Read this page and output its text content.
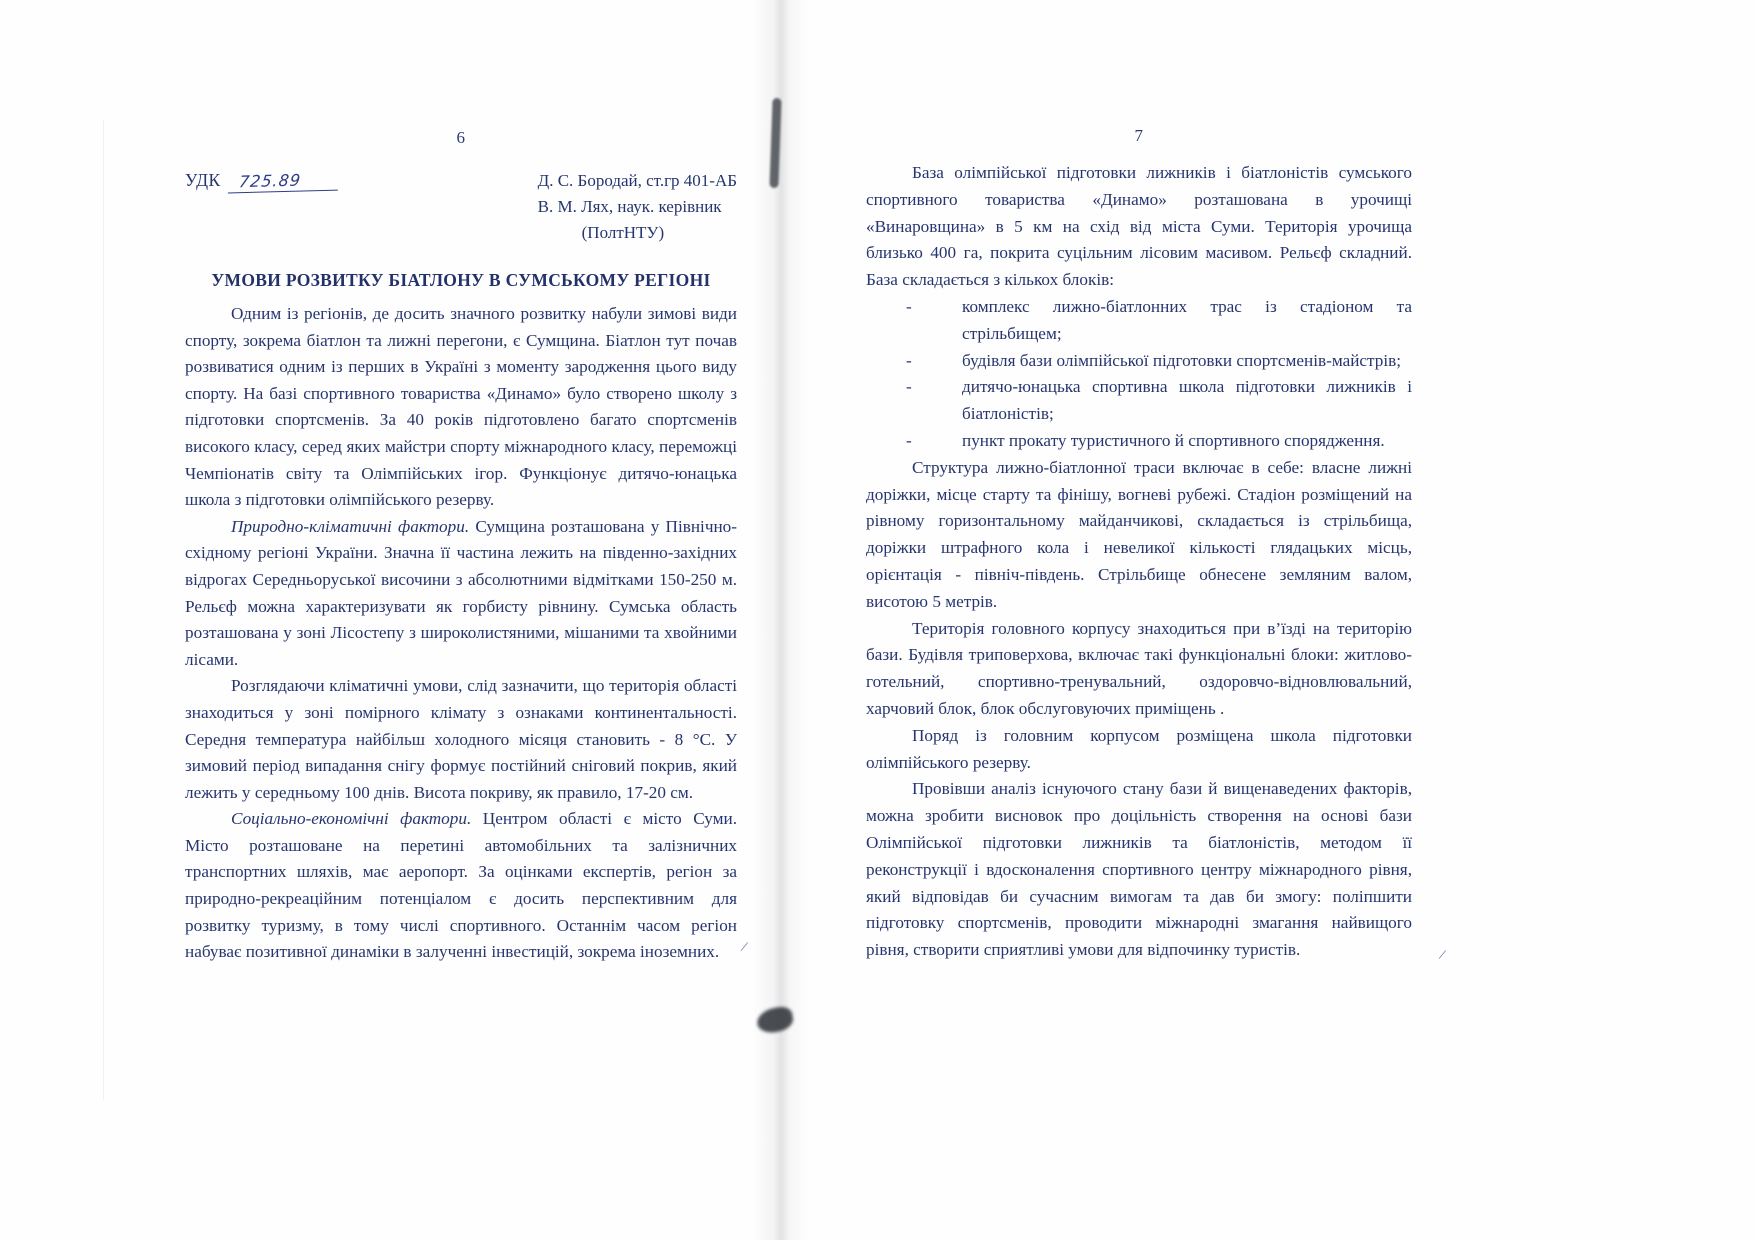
6
УДК 725.89	Д. С. Бородай, ст.гр 401-АБ
В. М. Лях, наук. керівник
(ПолтНТУ)
УМОВИ РОЗВИТКУ БІАТЛОНУ В СУМСЬКОМУ РЕГІОНІ

Одним із регіонів, де досить значного розвитку набули зимові види спорту, зокрема біатлон та лижні перегони, є Сумщина. Біатлон тут почав розвиватися одним із перших в Україні з моменту зародження цього виду спорту. На базі спортивного товариства «Динамо» було створено школу з підготовки спортсменів. За 40 років підготовлено багато спортсменів високого класу, серед яких майстри спорту міжнародного класу, переможці Чемпіонатів світу та Олімпійських ігор. Функціонує дитячо-юнацька школа з підготовки олімпійського резерву.

Природно-кліматичні фактори. Сумщина розташована у Північно-східному регіоні України. Значна її частина лежить на південно-західних відрогах Середньоруської височини з абсолютними відмітками 150-250 м. Рельєф можна характеризувати як горбисту рівнину. Сумська область розташована у зоні Лісостепу з широколистяними, мішаними та хвойними лісами.

Розглядаючи кліматичні умови, слід зазначити, що територія області знаходиться у зоні помірного клімату з ознаками континентальності. Середня температура найбільш холодного місяця становить - 8 °С. У зимовий період випадання снігу формує постійний сніговий покрив, який лежить у середньому 100 днів. Висота покриву, як правило, 17-20 см.

Соціально-економічні фактори. Центром області є місто Суми. Місто розташоване на перетині автомобільних та залізничних транспортних шляхів, має аеропорт. За оцінками експертів, регіон за природно-рекреаційним потенціалом є досить перспективним для розвитку туризму, в тому числі спортивного. Останнім часом регіон набуває позитивної динаміки в залученні інвестицій, зокрема іноземних.

7

База олімпійської підготовки лижників і біатлоністів сумського спортивного товариства «Динамо» розташована в урочищі «Винаровщина» в 5 км на схід від міста Суми. Територія урочища близько 400 га, покрита суцільним лісовим масивом. Рельєф складний. База складається з кількох блоків:

-	комплекс лижно-біатлонних трас із стадіоном та стрільбищем;
-	будівля бази олімпійської підготовки спортсменів-майстрів;
-	дитячо-юнацька спортивна школа підготовки лижників і біатлоністів;
-	пункт прокату туристичного й спортивного спорядження.

Структура лижно-біатлонної траси включає в себе: власне лижні доріжки, місце старту та фінішу, вогневі рубежі. Стадіон розміщений на рівному горизонтальному майданчикові, складається із стрільбища, доріжки штрафного кола і невеликої кількості глядацьких місць, орієнтація - північ-південь. Стрільбище обнесене земляним валом, висотою 5 метрів.

Територія головного корпусу знаходиться при в’їзді на територію бази. Будівля триповерхова, включає такі функціональні блоки: житлово-готельний, спортивно-тренувальний, оздоровчо-відновлювальний, харчовий блок, блок обслуговуючих приміщень .

Поряд із головним корпусом розміщена школа підготовки олімпійського резерву.

Провівши аналіз існуючого стану бази й вищенаведених факторів, можна зробити висновок про доцільність створення на основі бази Олімпійської підготовки лижників та біатлоністів, методом її реконструкції і вдосконалення спортивного центру міжнародного рівня, який відповідав би сучасним вимогам та дав би змогу: поліпшити підготовку спортсменів, проводити міжнародні змагання найвищого рівня, створити сприятливі умови для відпочинку туристів.

/
/
